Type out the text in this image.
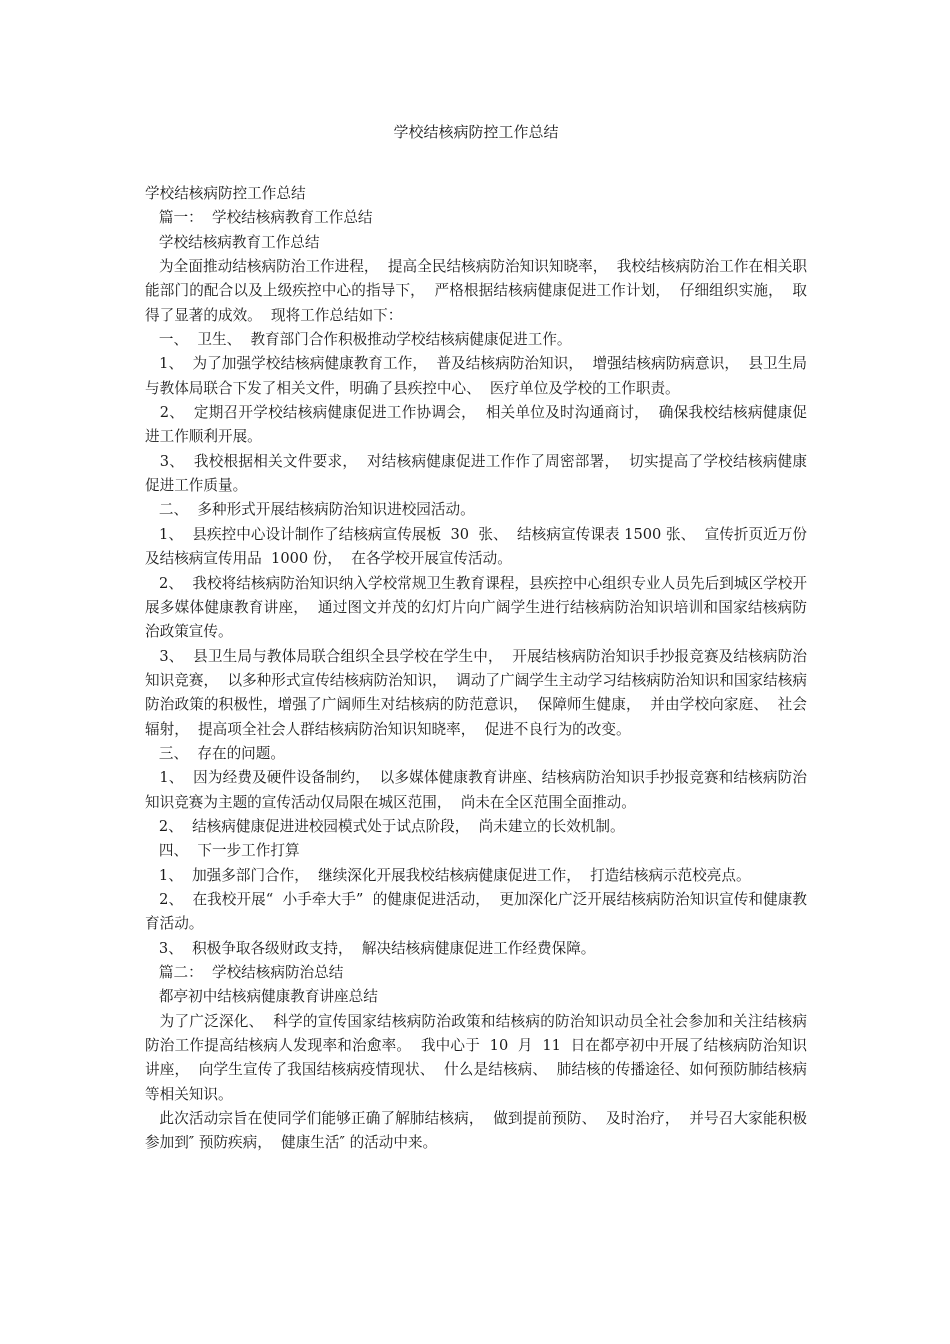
学校结核病防控工作总结

学校结核病防控工作总结

篇一：  学校结核病教育工作总结

学校结核病教育工作总结

为全面推动结核病防治工作进程，  提高全民结核病防治知识知晓率，  我校结核病防治工作在相关职能部门的配合以及上级疾控中心的指导下，  严格根据结核病健康促进工作计划，  仔细组织实施，  取得了显著的成效。  现将工作总结如下：

一、  卫生、  教育部门合作积极推动学校结核病健康促进工作。

1、  为了加强学校结核病健康教育工作，  普及结核病防治知识，  增强结核病防病意识，  县卫生局与教体局联合下发了相关文件，明确了县疾控中心、  医疗单位及学校的工作职责。

2、  定期召开学校结核病健康促进工作协调会，  相关单位及时沟通商讨，  确保我校结核病健康促进工作顺利开展。

3、  我校根据相关文件要求，  对结核病健康促进工作作了周密部署，  切实提高了学校结核病健康促进工作质量。

二、  多种形式开展结核病防治知识进校园活动。

1、  县疾控中心设计制作了结核病宣传展板  30  张、  结核病宣传课表 1500 张、  宣传折页近万份及结核病宣传用品  1000 份，  在各学校开展宣传活动。

2、  我校将结核病防治知识纳入学校常规卫生教育课程，县疾控中心组织专业人员先后到城区学校开展多媒体健康教育讲座，  通过图文并茂的幻灯片向广阔学生进行结核病防治知识培训和国家结核病防治政策宣传。

3、  县卫生局与教体局联合组织全县学校在学生中，  开展结核病防治知识手抄报竞赛及结核病防治知识竞赛，  以多种形式宣传结核病防治知识，  调动了广阔学生主动学习结核病防治知识和国家结核病防治政策的积极性，增强了广阔师生对结核病的防范意识，  保障师生健康，  并由学校向家庭、  社会辐射，  提高项全社会人群结核病防治知识知晓率，  促进不良行为的改变。

三、  存在的问题。

1、  因为经费及硬件设备制约，  以多媒体健康教育讲座、结核病防治知识手抄报竞赛和结核病防治知识竞赛为主题的宣传活动仅局限在城区范围，  尚未在全区范围全面推动。

2、  结核病健康促进进校园模式处于试点阶段，  尚未建立的长效机制。

四、  下一步工作打算

1、  加强多部门合作，  继续深化开展我校结核病健康促进工作，  打造结核病示范校亮点。

2、  在我校开展“  小手牵大手”  的健康促进活动，  更加深化广泛开展结核病防治知识宣传和健康教育活动。

3、  积极争取各级财政支持，  解决结核病健康促进工作经费保障。

篇二：  学校结核病防治总结

都亭初中结核病健康教育讲座总结

为了广泛深化、  科学的宣传国家结核病防治政策和结核病的防治知识动员全社会参加和关注结核病防治工作提高结核病人发现率和治愈率。  我中心于  10  月  11  日在都亭初中开展了结核病防治知识讲座，  向学生宣传了我国结核病疫情现状、  什么是结核病、  肺结核的传播途径、如何预防肺结核病等相关知识。

此次活动宗旨在使同学们能够正确了解肺结核病，  做到提前预防、  及时治疗，  并号召大家能积极参加到″ 预防疾病，  健康生活″ 的活动中来。
